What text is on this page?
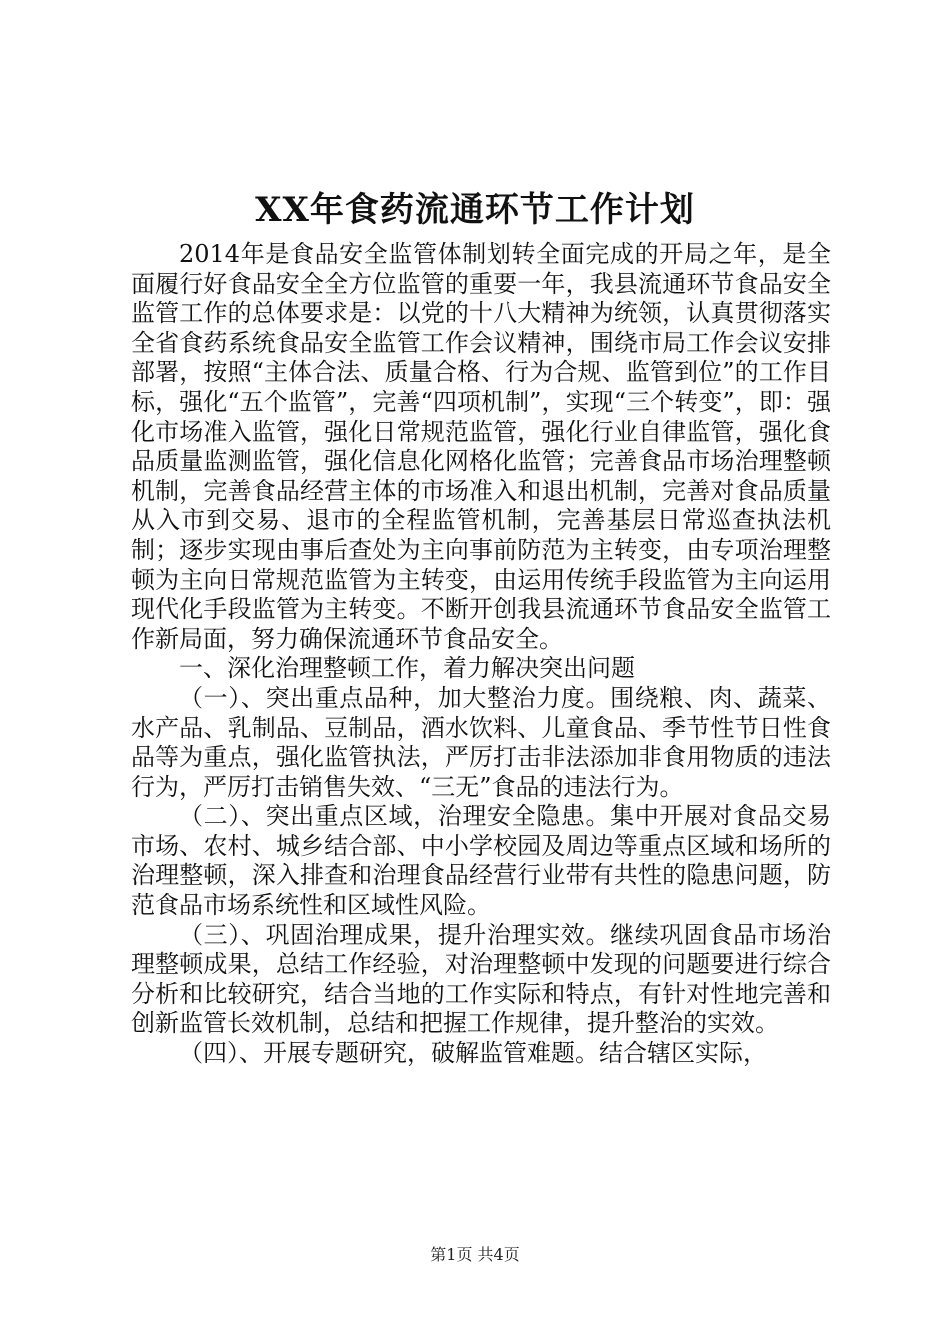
XX年食药流通环节工作计划

2014年是食品安全监管体制划转全面完成的开局之年，是全面履行好食品安全全方位监管的重要一年，我县流通环节食品安全监管工作的总体要求是：以党的十八大精神为统领，认真贯彻落实全省食药系统食品安全监管工作会议精神，围绕市局工作会议安排部署，按照“主体合法、质量合格、行为合规、监管到位”的工作目标，强化“五个监管”，完善“四项机制”，实现“三个转变”，即：强化市场准入监管，强化日常规范监管，强化行业自律监管，强化食品质量监测监管，强化信息化网格化监管；完善食品市场治理整顿机制，完善食品经营主体的市场准入和退出机制，完善对食品质量从入市到交易、退市的全程监管机制，完善基层日常巡查执法机制；逐步实现由事后查处为主向事前防范为主转变，由专项治理整顿为主向日常规范监管为主转变，由运用传统手段监管为主向运用现代化手段监管为主转变。不断开创我县流通环节食品安全监管工作新局面，努力确保流通环节食品安全。

一、深化治理整顿工作，着力解决突出问题

（一）、突出重点品种，加大整治力度。围绕粮、肉、蔬菜、水产品、乳制品、豆制品，酒水饮料、儿童食品、季节性节日性食品等为重点，强化监管执法，严厉打击非法添加非食用物质的违法行为，严厉打击销售失效、“三无”食品的违法行为。

（二）、突出重点区域，治理安全隐患。集中开展对食品交易市场、农村、城乡结合部、中小学校园及周边等重点区域和场所的治理整顿，深入排查和治理食品经营行业带有共性的隐患问题，防范食品市场系统性和区域性风险。

（三）、巩固治理成果，提升治理实效。继续巩固食品市场治理整顿成果，总结工作经验，对治理整顿中发现的问题要进行综合分析和比较研究，结合当地的工作实际和特点，有针对性地完善和创新监管长效机制，总结和把握工作规律，提升整治的实效。

（四）、开展专题研究，破解监管难题。结合辖区实际，

第1页 共4页
